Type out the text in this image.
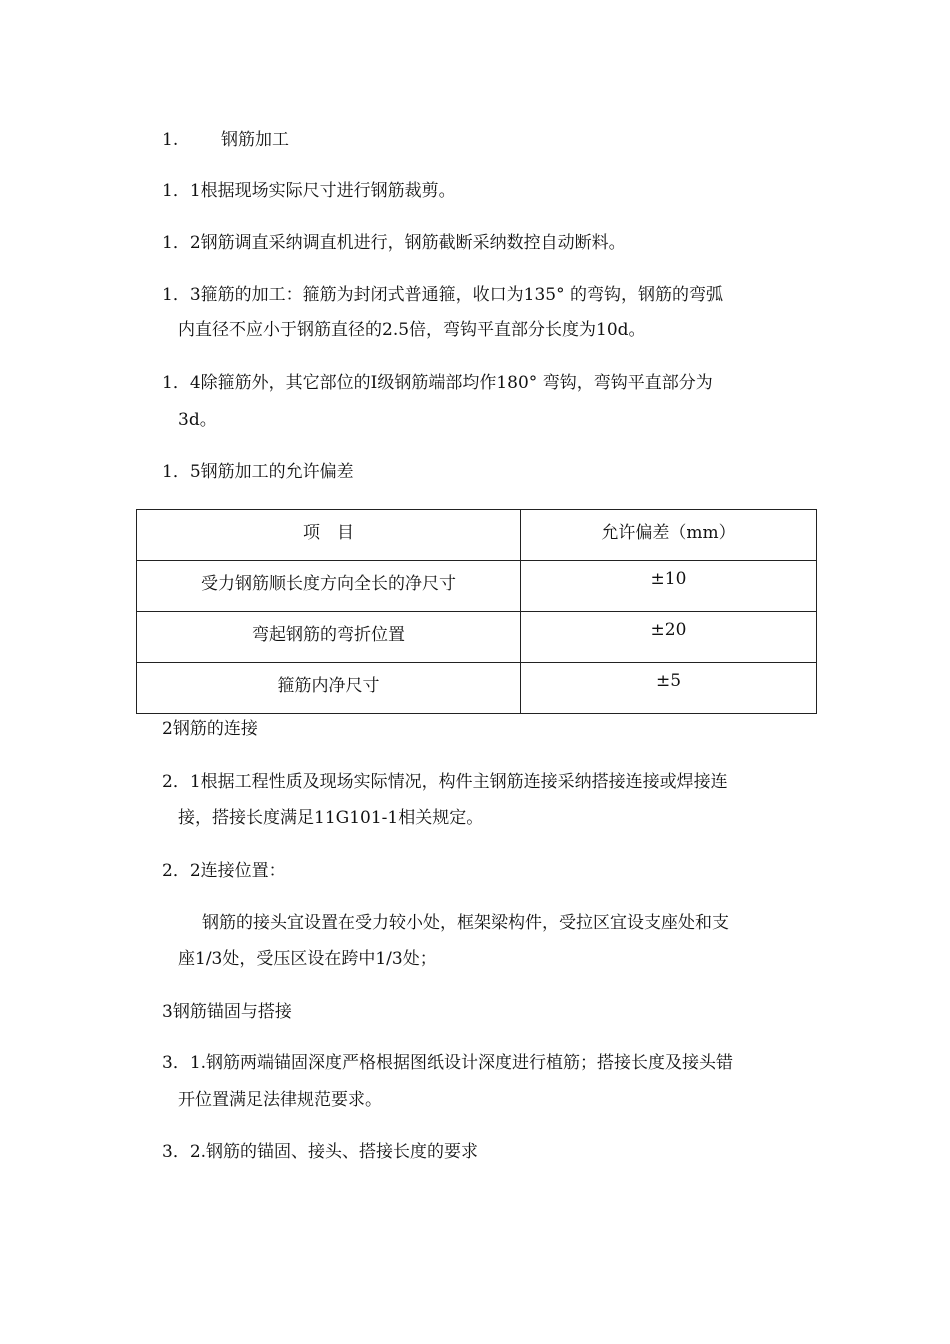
1.	钢筋加工
1．1根据现场实际尺寸进行钢筋裁剪。
1．2钢筋调直采纳调直机进行，钢筋截断采纳数控自动断料。
1．3箍筋的加工：箍筋为封闭式普通箍，收口为135° 的弯钩，钢筋的弯弧
内直径不应小于钢筋直径的2.5倍，弯钩平直部分长度为10d。
1．4除箍筋外，其它部位的Ⅰ级钢筋端部均作180° 弯钩，弯钩平直部分为
3d。
1．5钢筋加工的允许偏差
项　目	允许偏差（mm）

受力钢筋顺长度方向全长的净尺寸	±10

弯起钢筋的弯折位置	±20

箍筋内净尺寸	±5
2钢筋的连接
2．1根据工程性质及现场实际情况，构件主钢筋连接采纳搭接连接或焊接连
接，搭接长度满足11G101-1相关规定。
2．2连接位置：
钢筋的接头宜设置在受力较小处，框架梁构件，受拉区宜设支座处和支
座1/3处，受压区设在跨中1/3处；
3钢筋锚固与搭接
3．1.钢筋两端锚固深度严格根据图纸设计深度进行植筋；搭接长度及接头错
开位置满足法律规范要求。
3．2.钢筋的锚固、接头、搭接长度的要求
